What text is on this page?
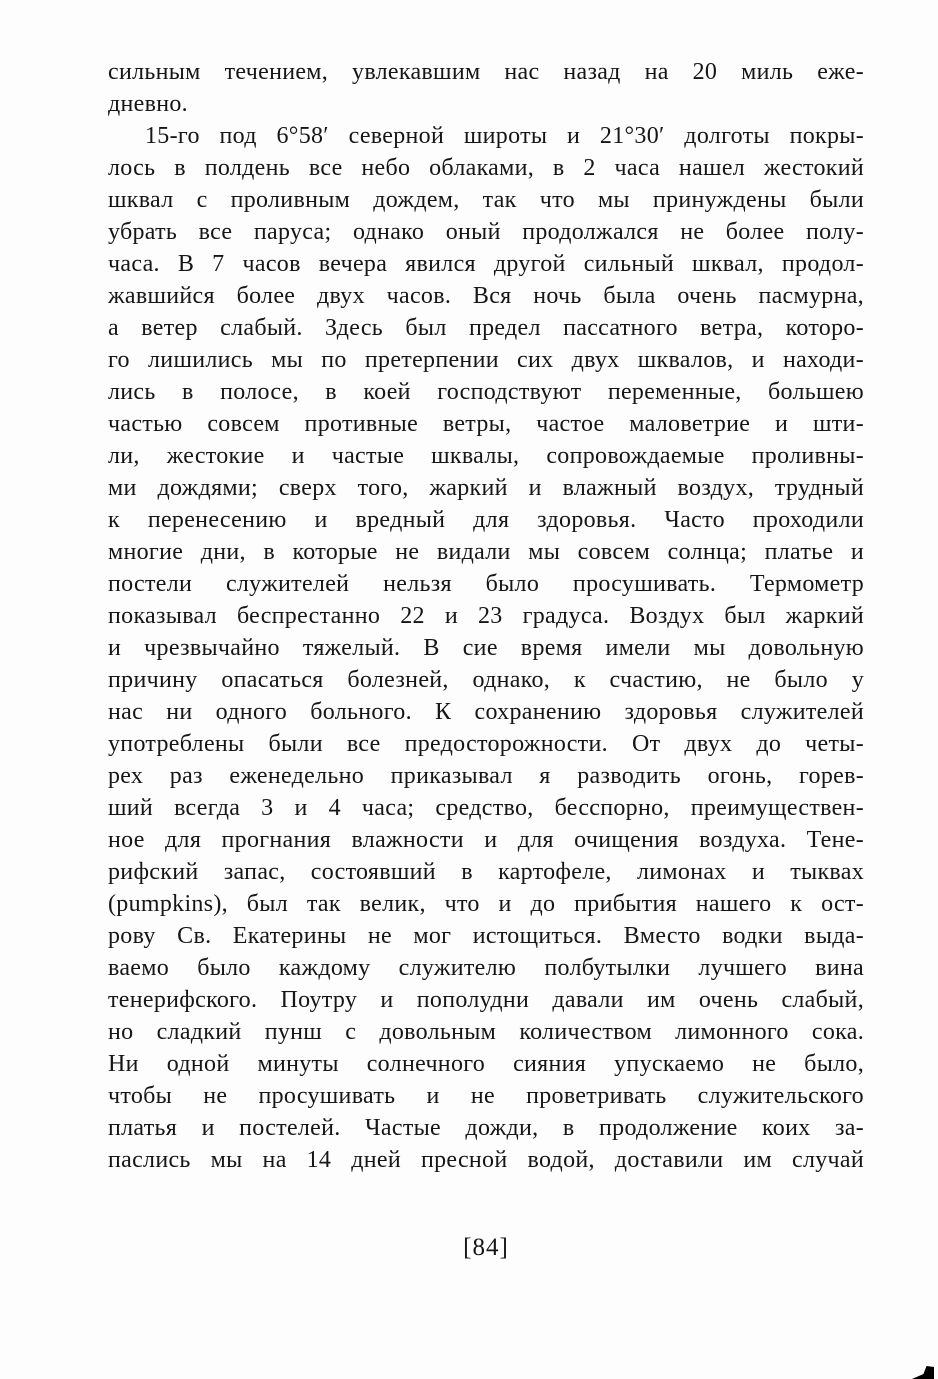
сильным течением, увлекавшим нас назад на 20 миль еже-
дневно.
15-го под 6°58′ северной широты и 21°30′ долготы покры-
лось в полдень все небо облаками, в 2 часа нашел жестокий
шквал с проливным дождем, так что мы принуждены были
убрать все паруса; однако оный продолжался не более полу-
часа. В 7 часов вечера явился другой сильный шквал, продол-
жавшийся более двух часов. Вся ночь была очень пасмурна,
а ветер слабый. Здесь был предел пассатного ветра, которо-
го лишились мы по претерпении сих двух шквалов, и находи-
лись в полосе, в коей господствуют переменные, большею
частью совсем противные ветры, частое маловетрие и шти-
ли, жестокие и частые шквалы, сопровождаемые проливны-
ми дождями; сверх того, жаркий и влажный воздух, трудный
к перенесению и вредный для здоровья. Часто проходили
многие дни, в которые не видали мы совсем солнца; платье и
постели служителей нельзя было просушивать. Термометр
показывал беспрестанно 22 и 23 градуса. Воздух был жаркий
и чрезвычайно тяжелый. В сие время имели мы довольную
причину опасаться болезней, однако, к счастию, не было у
нас ни одного больного. К сохранению здоровья служителей
употреблены были все предосторожности. От двух до четы-
рех раз еженедельно приказывал я разводить огонь, горев-
ший всегда 3 и 4 часа; средство, бесспорно, преимуществен-
ное для прогнания влажности и для очищения воздуха. Тене-
рифский запас, состоявший в картофеле, лимонах и тыквах
(pumpkins), был так велик, что и до прибытия нашего к ост-
рову Св. Екатерины не мог истощиться. Вместо водки выда-
ваемо было каждому служителю полбутылки лучшего вина
тенерифского. Поутру и пополудни давали им очень слабый,
но сладкий пунш с довольным количеством лимонного сока.
Ни одной минуты солнечного сияния упускаемо не было,
чтобы не просушивать и не проветривать служительского
платья и постелей. Частые дожди, в продолжение коих за-
паслись мы на 14 дней пресной водой, доставили им случай
[84]
